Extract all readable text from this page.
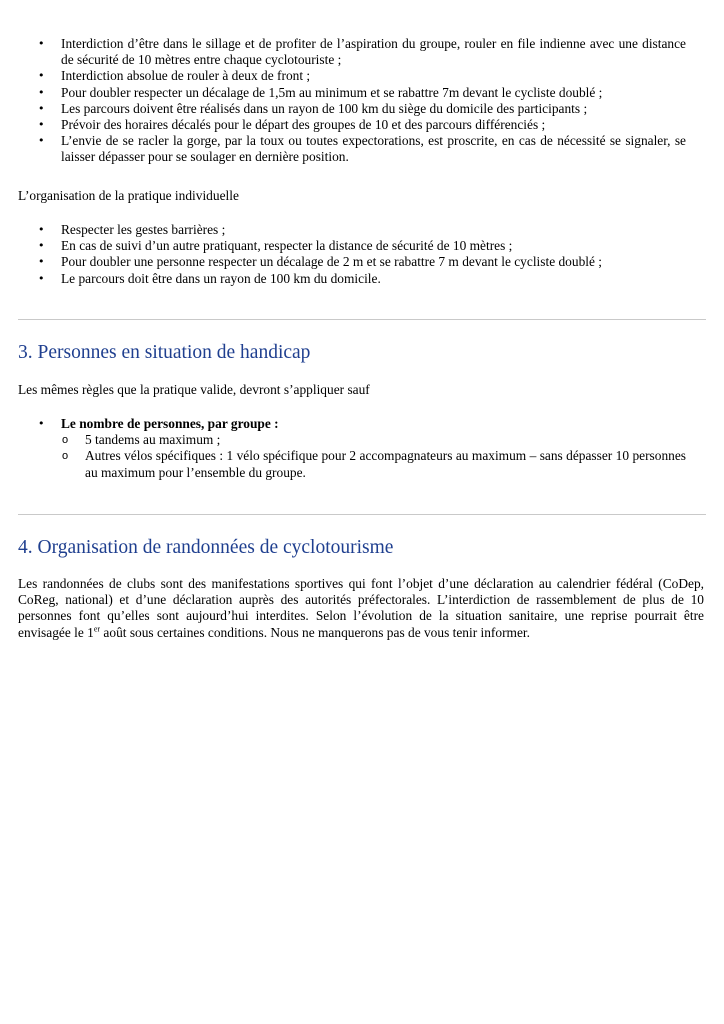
• Interdiction d’être dans le sillage et de profiter de l’aspiration du groupe, rouler en file indienne avec une distance de sécurité de 10 mètres entre chaque cyclotouriste ;
• Interdiction absolue de rouler à deux de front ;
• Pour doubler respecter un décalage de 1,5m au minimum et se rabattre 7m devant le cycliste doublé ;
• Les parcours doivent être réalisés dans un rayon de 100 km du siège du domicile des participants ;
• Prévoir des horaires décalés pour le départ des groupes de 10 et des parcours différenciés ;
• L’envie de se racler la gorge, par la toux ou toutes expectorations, est proscrite, en cas de nécessité se signaler, se laisser dépasser pour se soulager en dernière position.

L’organisation de la pratique individuelle

• Respecter les gestes barrières ;
• En cas de suivi d’un autre pratiquant, respecter la distance de sécurité de 10 mètres ;
• Pour doubler une personne respecter un décalage de 2 m et se rabattre 7 m devant le cycliste doublé ;
• Le parcours doit être dans un rayon de 100 km du domicile.
3. Personnes en situation de handicap

Les mêmes règles que la pratique valide, devront s’appliquer sauf

• Le nombre de personnes, par groupe :
o 5 tandems au maximum ;
o Autres vélos spécifiques : 1 vélo spécifique pour 2 accompagnateurs au maximum – sans dépasser 10 personnes au maximum pour l’ensemble du groupe.
4. Organisation de randonnées de cyclotourisme

Les randonnées de clubs sont des manifestations sportives qui font l’objet d’une déclaration au calendrier fédéral (CoDep, CoReg, national) et d’une déclaration auprès des autorités préfectorales. L’interdiction de rassemblement de plus de 10 personnes font qu’elles sont aujourd’hui interdites. Selon l’évolution de la situation sanitaire, une reprise pourrait être envisagée le 1er août sous certaines conditions. Nous ne manquerons pas de vous tenir informer.
